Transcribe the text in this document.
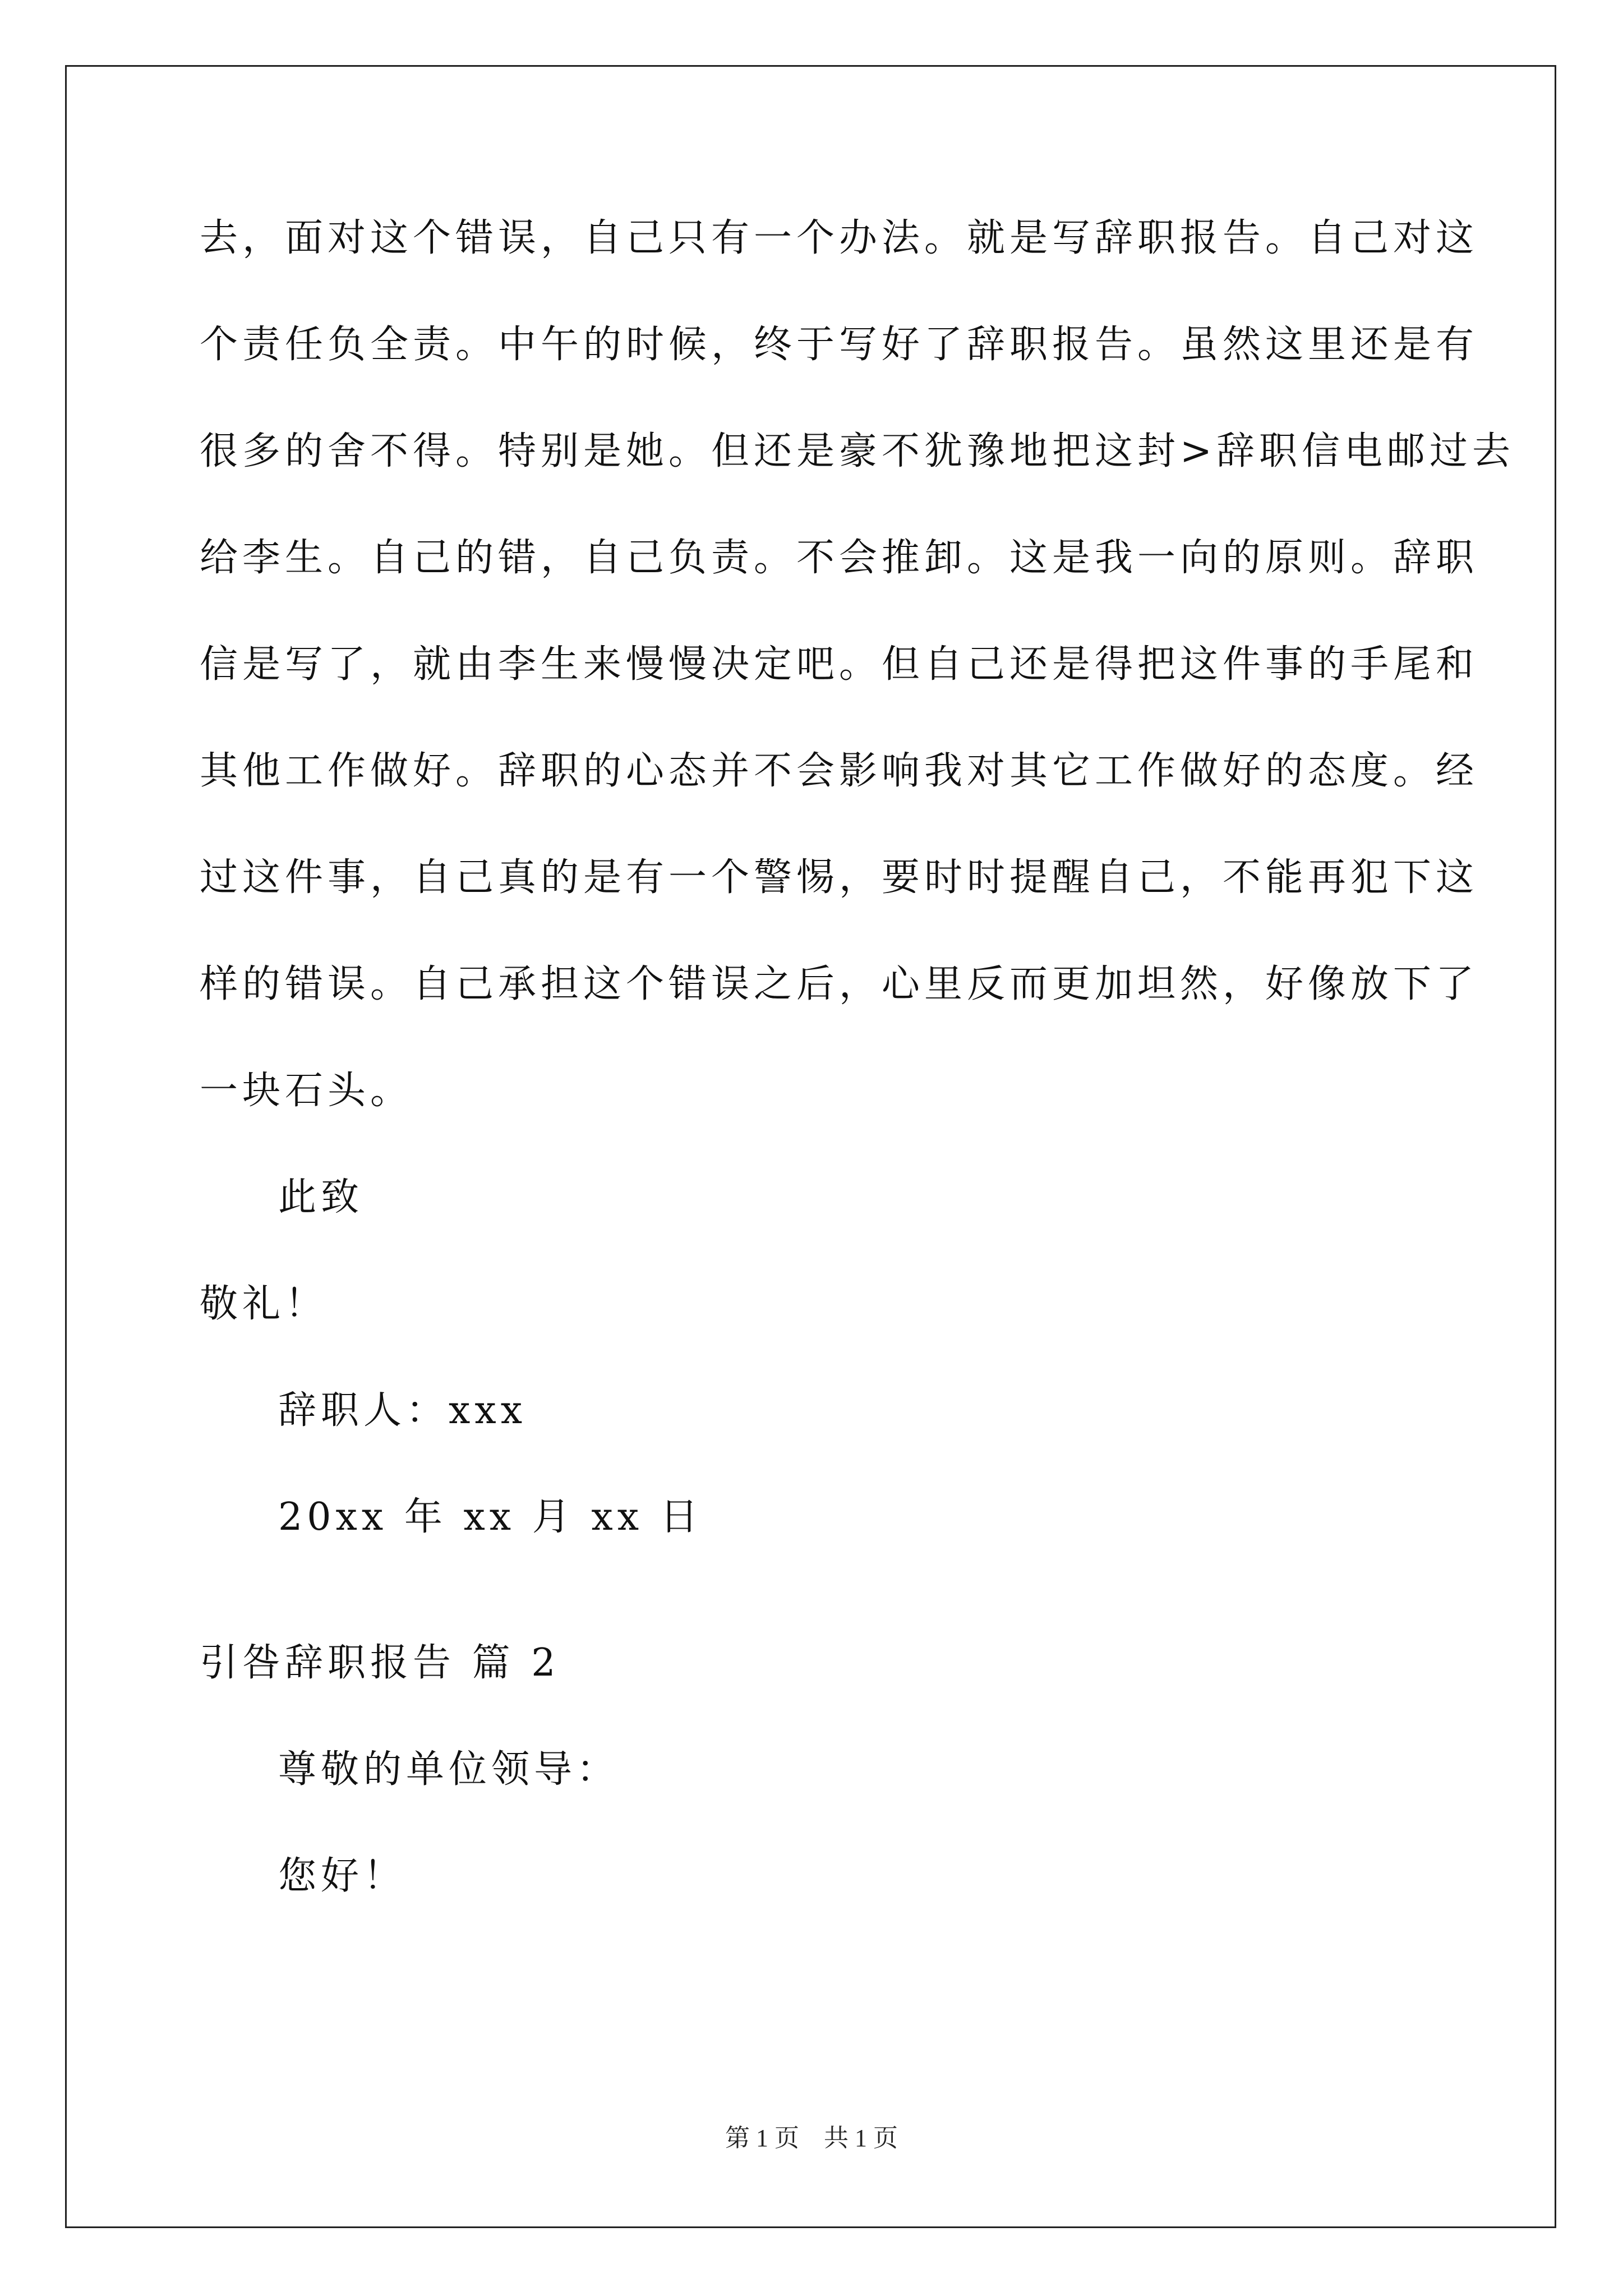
去，面对这个错误，自己只有一个办法。就是写辞职报告。自己对这
个责任负全责。中午的时候，终于写好了辞职报告。虽然这里还是有
很多的舍不得。特别是她。但还是豪不犹豫地把这封>辞职信电邮过去
给李生。自己的错，自己负责。不会推卸。这是我一向的原则。辞职
信是写了，就由李生来慢慢决定吧。但自己还是得把这件事的手尾和
其他工作做好。辞职的心态并不会影响我对其它工作做好的态度。经
过这件事，自己真的是有一个警惕，要时时提醒自己，不能再犯下这
样的错误。自己承担这个错误之后，心里反而更加坦然，好像放下了
一块石头。
此致
敬礼！
辞职人：xxx
20xx 年 xx 月 xx 日
引咎辞职报告 篇 2
尊敬的单位领导：
您好！
第 1 页 共 1 页
